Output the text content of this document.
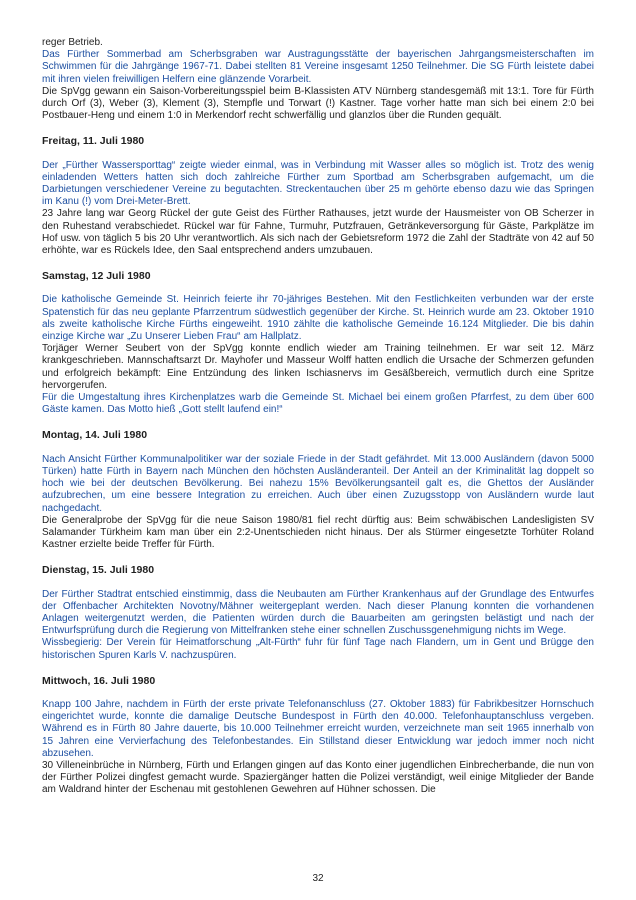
reger Betrieb.

Das Fürther Sommerbad am Scherbsgraben war Austragungsstätte der bayerischen Jahrgangsmeisterschaften im Schwimmen für die Jahrgänge 1967-71. Dabei stellten 81 Vereine insgesamt 1250 Teilnehmer. Die SG Fürth leistete dabei mit ihren vielen freiwilligen Helfern eine glänzende Vorarbeit.

Die SpVgg gewann ein Saison-Vorbereitungsspiel beim B-Klassisten ATV Nürnberg standesgemäß mit 13:1. Tore für Fürth durch Orf (3), Weber (3), Klement (3), Stempfle und Torwart (!) Kastner. Tage vorher hatte man sich bei einem 2:0 bei Postbauer-Heng und einem 1:0 in Merkendorf recht schwerfällig und glanzlos über die Runden gequält.

Freitag, 11. Juli 1980

Der „Fürther Wassersporttag“ zeigte wieder einmal, was in Verbindung mit Wasser alles so möglich ist. Trotz des wenig einladenden Wetters hatten sich doch zahlreiche Fürther zum Sportbad am Scherbsgraben aufgemacht, um die Darbietungen verschiedener Vereine zu begutachten. Streckentauchen über 25 m gehörte ebenso dazu wie das Springen im Kanu (!) vom Drei-Meter-Brett.

23 Jahre lang war Georg Rückel der gute Geist des Fürther Rathauses, jetzt wurde der Hausmeister von OB Scherzer in den Ruhestand verabschiedet. Rückel war für Fahne, Turmuhr, Putzfrauen, Getränkeversorgung für Gäste, Parkplätze im Hof usw. von täglich 5 bis 20 Uhr verantwortlich. Als sich nach der Gebietsreform 1972 die Zahl der Stadträte von 42 auf 50 erhöhte, war es Rückels Idee, den Saal entsprechend anders umzubauen.

Samstag, 12 Juli 1980

Die katholische Gemeinde St. Heinrich feierte ihr 70-jähriges Bestehen. Mit den Festlichkeiten verbunden war der erste Spatenstich für das neu geplante Pfarrzentrum südwestlich gegenüber der Kirche. St. Heinrich wurde am 23. Oktober 1910 als zweite katholische Kirche Fürths eingeweiht. 1910 zählte die katholische Gemeinde 16.124 Mitglieder. Die bis dahin einzige Kirche war „Zu Unserer Lieben Frau“ am Hallplatz.

Torjäger Werner Seubert von der SpVgg konnte endlich wieder am Training teilnehmen. Er war seit 12. März krankgeschrieben. Mannschaftsarzt Dr. Mayhofer und Masseur Wolff hatten endlich die Ursache der Schmerzen gefunden und erfolgreich bekämpft: Eine Entzündung des linken Ischiasnervs im Gesäßbereich, vermutlich durch eine Spritze hervorgerufen.

Für die Umgestaltung ihres Kirchenplatzes warb die Gemeinde St. Michael bei einem großen Pfarrfest, zu dem über 600 Gäste kamen. Das Motto hieß „Gott stellt laufend ein!“

Montag, 14. Juli 1980

Nach Ansicht Fürther Kommunalpolitiker war der soziale Friede in der Stadt gefährdet. Mit 13.000 Ausländern (davon 5000 Türken) hatte Fürth in Bayern nach München den höchsten Ausländeranteil. Der Anteil an der Kriminalität lag doppelt so hoch wie bei der deutschen Bevölkerung. Bei nahezu 15% Bevölkerungsanteil galt es, die Ghettos der Ausländer aufzubrechen, um eine bessere Integration zu erreichen. Auch über einen Zuzugsstopp von Ausländern wurde laut nachgedacht.

Die Generalprobe der SpVgg für die neue Saison 1980/81 fiel recht dürftig aus: Beim schwäbischen Landesligisten SV Salamander Türkheim kam man über ein 2:2-Unentschieden nicht hinaus. Der als Stürmer eingesetzte Torhüter Roland Kastner erzielte beide Treffer für Fürth.

Dienstag, 15. Juli 1980

Der Fürther Stadtrat entschied einstimmig, dass die Neubauten am Fürther Krankenhaus auf der Grundlage des Entwurfes der Offenbacher Architekten Novotny/Mähner weitergeplant werden. Nach dieser Planung konnten die vorhandenen Anlagen weitergenutzt werden, die Patienten würden durch die Bauarbeiten am geringsten belästigt und nach der Entwurfsprüfung durch die Regierung von Mittelfranken stehe einer schnellen Zuschussgenehmigung nichts im Wege.

Wissbegierig: Der Verein für Heimatforschung „Alt-Fürth“ fuhr für fünf Tage nach Flandern, um in Gent und Brügge den historischen Spuren Karls V. nachzuspüren.

Mittwoch, 16. Juli 1980

Knapp 100 Jahre, nachdem in Fürth der erste private Telefonanschluss (27. Oktober 1883) für Fabrikbesitzer Hornschuch eingerichtet wurde, konnte die damalige Deutsche Bundespost in Fürth den 40.000. Telefonhauptanschluss vergeben. Während es in Fürth 80 Jahre dauerte, bis 10.000 Teilnehmer erreicht wurden, verzeichnete man seit 1965 innerhalb von 15 Jahren eine Vervierfachung des Telefonbestandes. Ein Stillstand dieser Entwicklung war jedoch immer noch nicht abzusehen.

30 Villeneinbrüche in Nürnberg, Fürth und Erlangen gingen auf das Konto einer jugendlichen Einbrecherbande, die nun von der Fürther Polizei dingfest gemacht wurde. Spaziergänger hatten die Polizei verständigt, weil einige Mitglieder der Bande am Waldrand hinter der Eschenau mit gestohlenen Gewehren auf Hühner schossen. Die

32
